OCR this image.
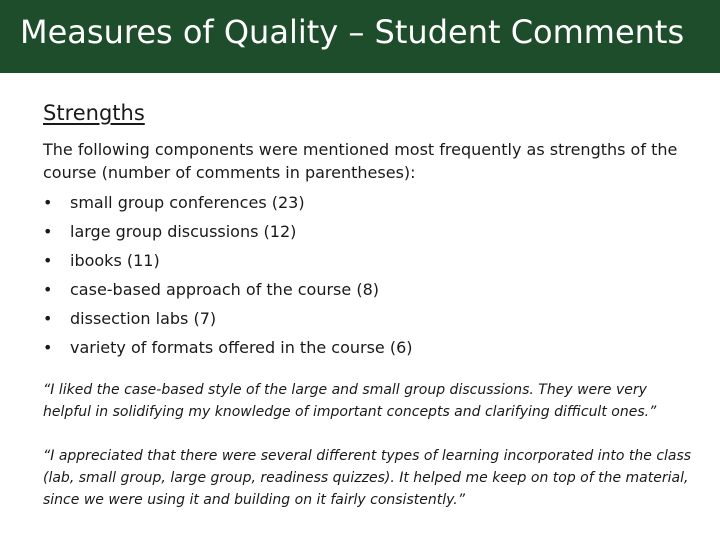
Measures of Quality – Student Comments
Strengths

The following components were mentioned most frequently as strengths of the course (number of comments in parentheses):

• small group conferences (23)
• large group discussions (12)
• ibooks (11)
• case-based approach of the course (8)
• dissection labs (7)
• variety of formats offered in the course (6)

“I liked the case-based style of the large and small group discussions. They were very helpful in solidifying my knowledge of important concepts and clarifying difficult ones.”

“I appreciated that there were several different types of learning incorporated into the class (lab, small group, large group, readiness quizzes). It helped me keep on top of the material, since we were using it and building on it fairly consistently.”
